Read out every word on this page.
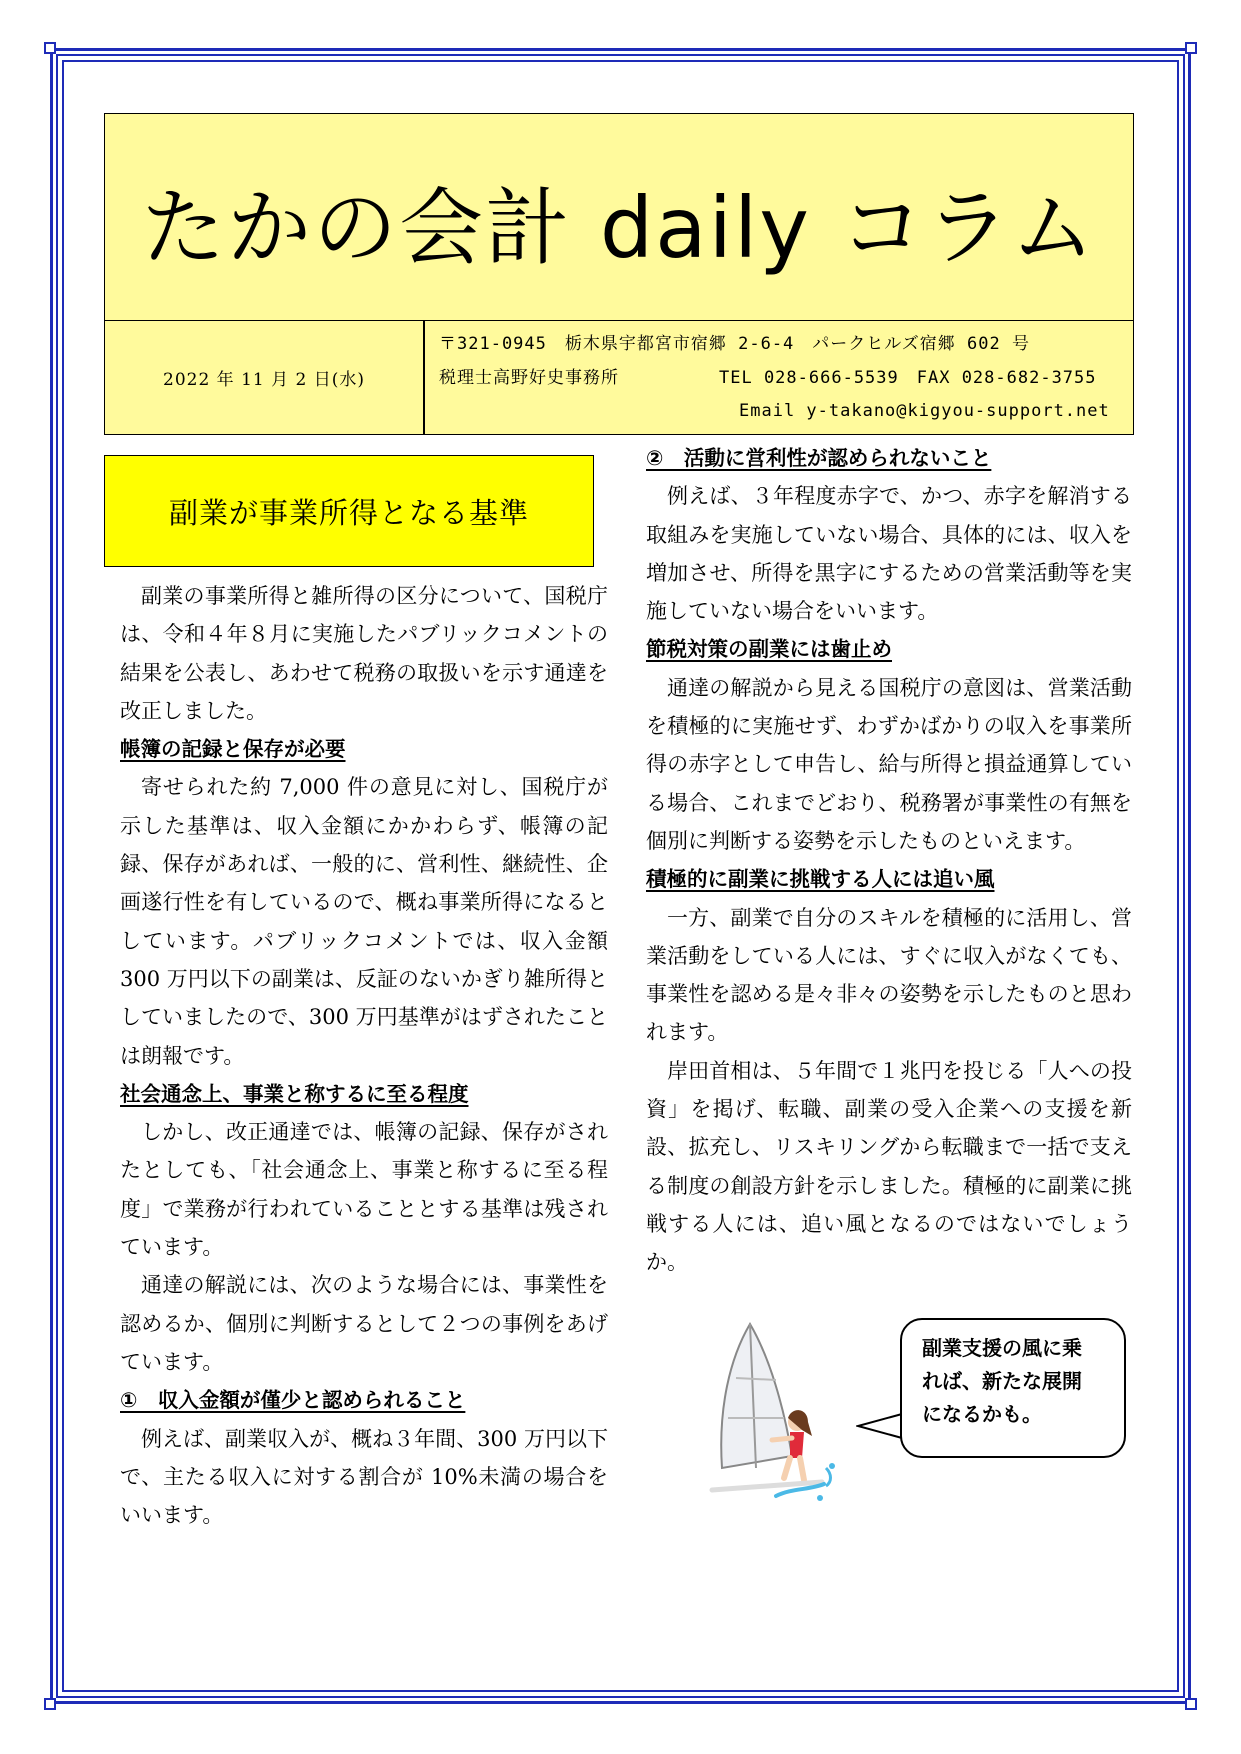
たかの会計 daily コラム
2022 年 11 月 2 日(水)
〒321-0945　栃木県宇都宮市宿郷 2-6-4　パークヒルズ宿郷 602 号
税理士高野好史事務所	TEL 028-666-5539　FAX 028-682-3755
Email y-takano@kigyou-support.net
副業が事業所得となる基準

副業の事業所得と雑所得の区分について、国税庁は、令和４年８月に実施したパブリックコメントの結果を公表し、あわせて税務の取扱いを示す通達を改正しました。

帳簿の記録と保存が必要

寄せられた約 7,000 件の意見に対し、国税庁が示した基準は、収入金額にかかわらず、帳簿の記録、保存があれば、一般的に、営利性、継続性、企画遂行性を有しているので、概ね事業所得になるとしています。パブリックコメントでは、収入金額 300 万円以下の副業は、反証のないかぎり雑所得としていましたので、300 万円基準がはずされたことは朗報です。

社会通念上、事業と称するに至る程度

しかし、改正通達では、帳簿の記録、保存がされたとしても、「社会通念上、事業と称するに至る程度」で業務が行われていることとする基準は残されています。

通達の解説には、次のような場合には、事業性を認めるか、個別に判断するとして２つの事例をあげています。

①　収入金額が僅少と認められること

例えば、副業収入が、概ね３年間、300 万円以下で、主たる収入に対する割合が 10%未満の場合をいいます。

②　活動に営利性が認められないこと

例えば、３年程度赤字で、かつ、赤字を解消する取組みを実施していない場合、具体的には、収入を増加させ、所得を黒字にするための営業活動等を実施していない場合をいいます。

節税対策の副業には歯止め

通達の解説から見える国税庁の意図は、営業活動を積極的に実施せず、わずかばかりの収入を事業所得の赤字として申告し、給与所得と損益通算している場合、これまでどおり、税務署が事業性の有無を個別に判断する姿勢を示したものといえます。

積極的に副業に挑戦する人には追い風

一方、副業で自分のスキルを積極的に活用し、営業活動をしている人には、すぐに収入がなくても、事業性を認める是々非々の姿勢を示したものと思われます。

岸田首相は、５年間で１兆円を投じる「人への投資」を掲げ、転職、副業の受入企業への支援を新設、拡充し、リスキリングから転職まで一括で支える制度の創設方針を示しました。積極的に副業に挑戦する人には、追い風となるのではないでしょうか。

副業支援の風に乗
れば、新たな展開
になるかも。
